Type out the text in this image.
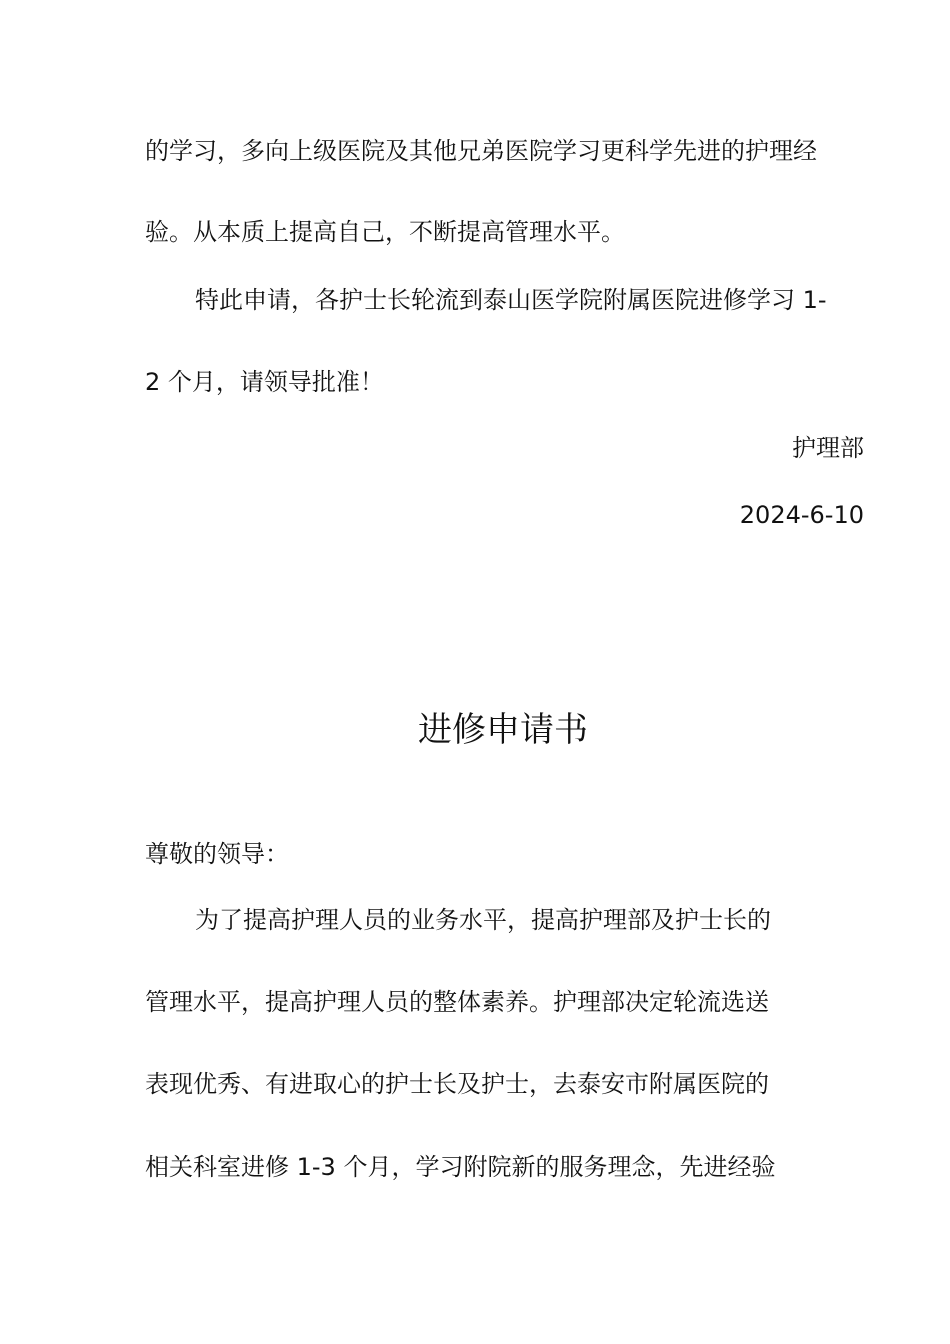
的学习，多向上级医院及其他兄弟医院学习更科学先进的护理经

验。从本质上提高自己，不断提高管理水平。

特此申请，各护士长轮流到泰山医学院附属医院进修学习 1-

2 个月，请领导批准！

护理部

2024-6-10

进修申请书

尊敬的领导：

为了提高护理人员的业务水平，提高护理部及护士长的

管理水平，提高护理人员的整体素养。护理部决定轮流选送

表现优秀、有进取心的护士长及护士，去泰安市附属医院的

相关科室进修 1-3 个月，学习附院新的服务理念，先进经验
